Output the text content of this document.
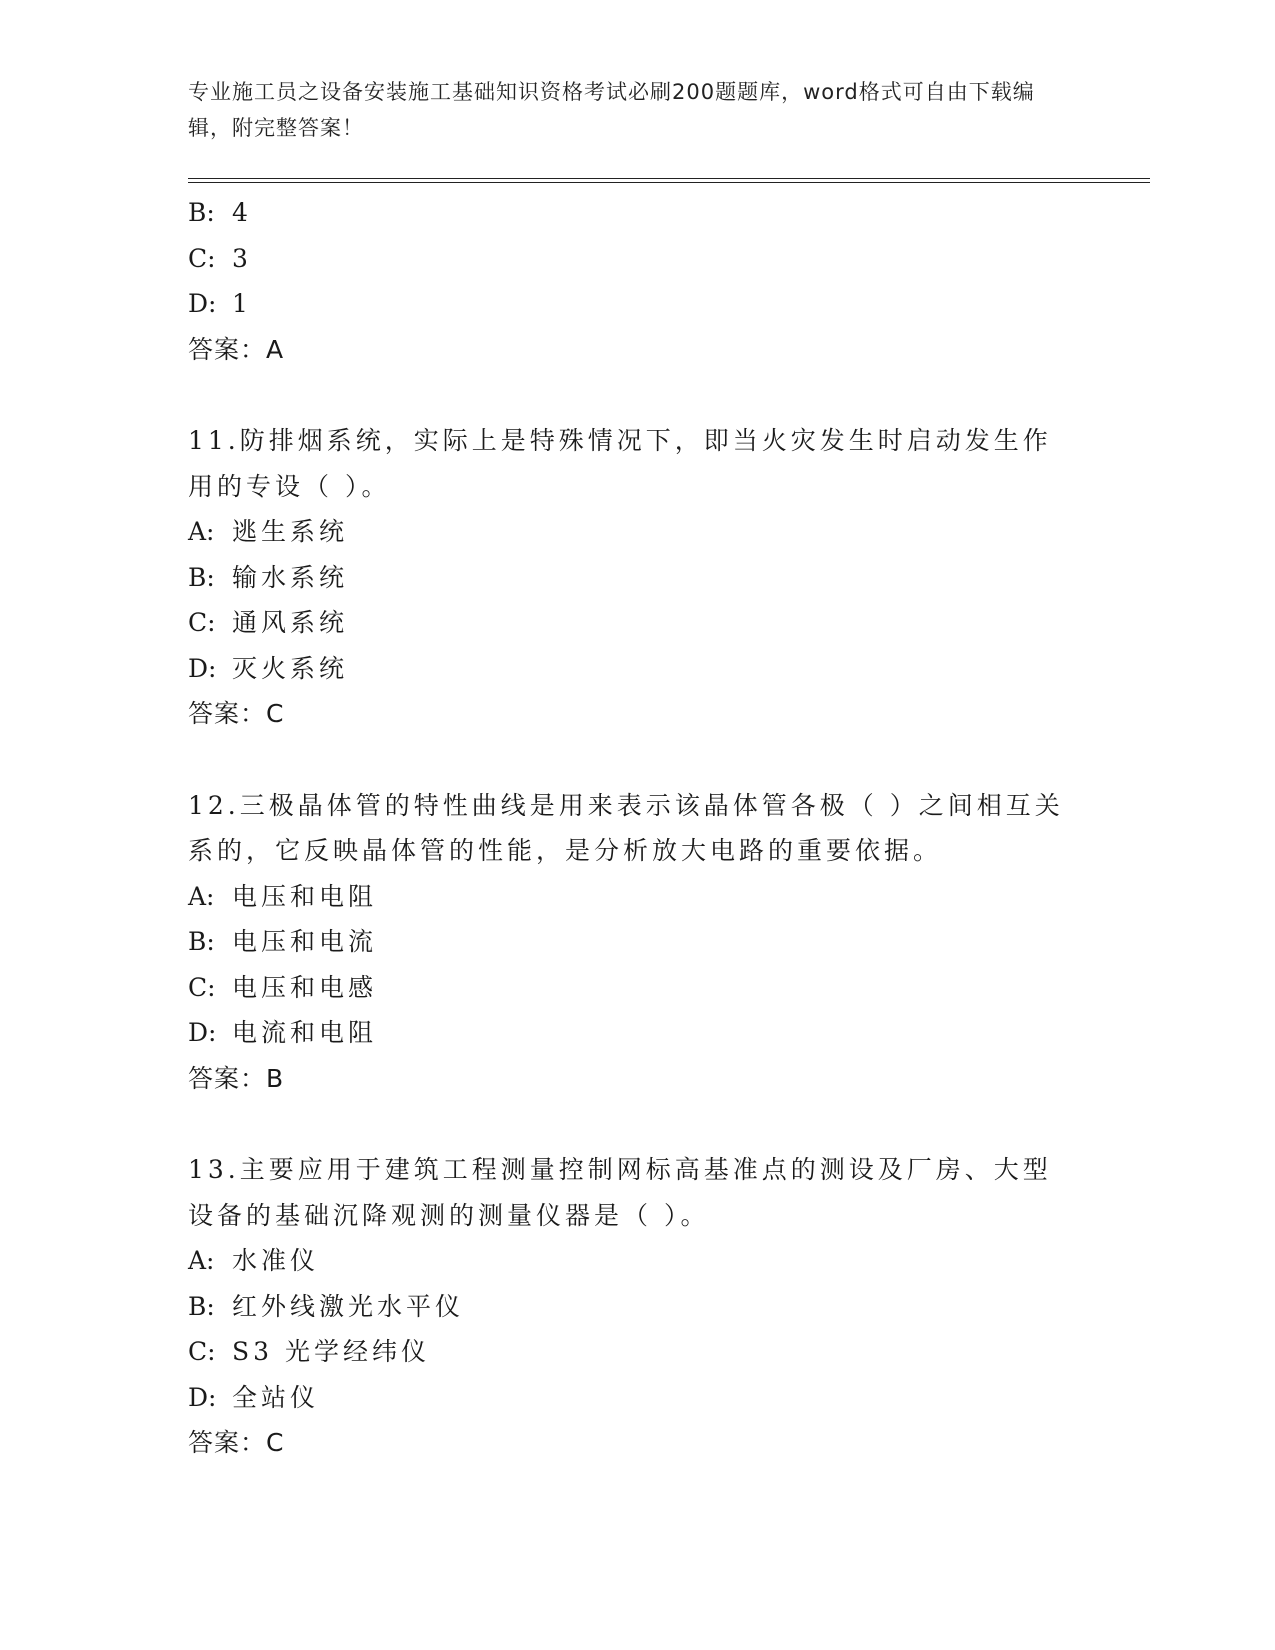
专业施工员之设备安装施工基础知识资格考试必刷200题题库，word格式可自由下载编辑，附完整答案！
B: 4
C: 3
D: 1
答案：A
11.防排烟系统，实际上是特殊情况下，即当火灾发生时启动发生作用的专设（ ）。
A: 逃生系统
B: 输水系统
C: 通风系统
D: 灭火系统
答案：C
12.三极晶体管的特性曲线是用来表示该晶体管各极（ ）之间相互关系的，它反映晶体管的性能，是分析放大电路的重要依据。
A: 电压和电阻
B: 电压和电流
C: 电压和电感
D: 电流和电阻
答案：B
13.主要应用于建筑工程测量控制网标高基准点的测设及厂房、大型设备的基础沉降观测的测量仪器是（ ）。
A: 水准仪
B: 红外线激光水平仪
C: S3 光学经纬仪
D: 全站仪
答案：C
